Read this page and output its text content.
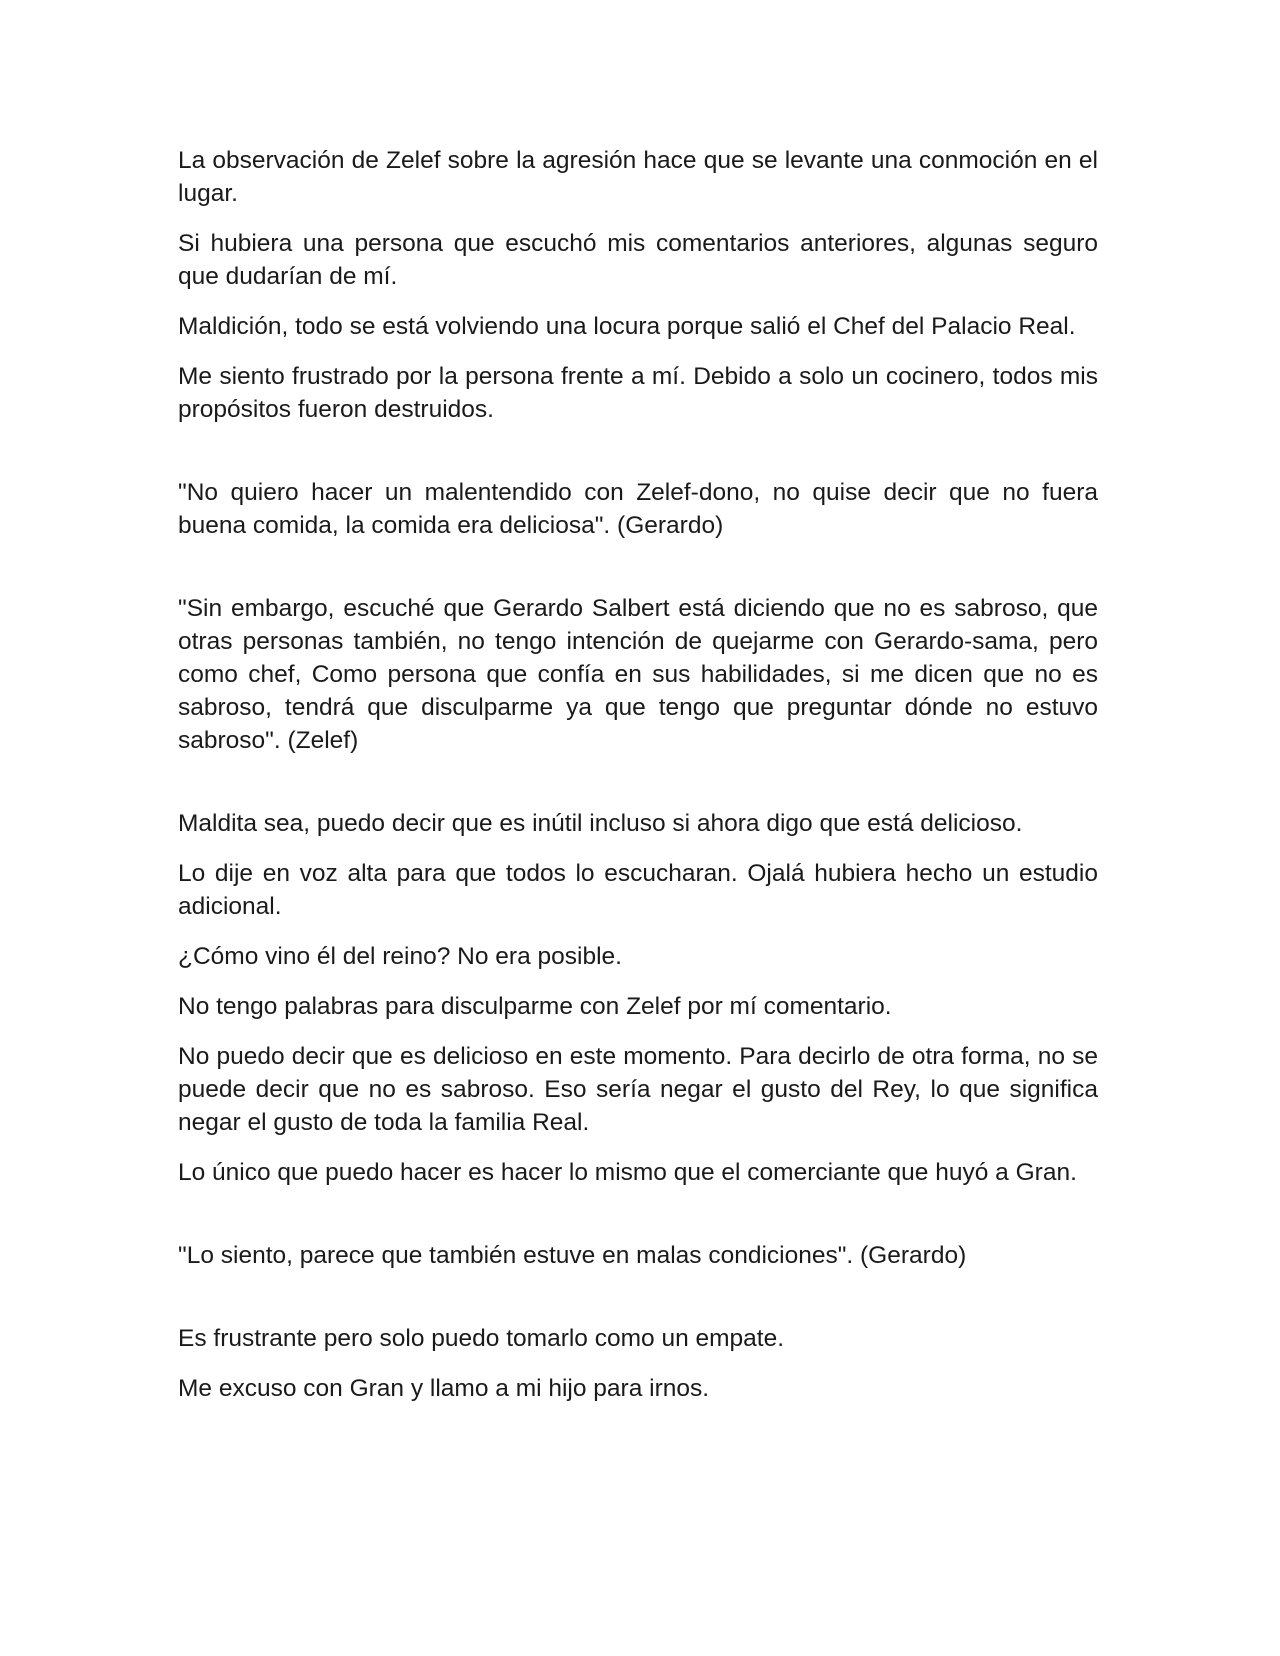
La observación de Zelef sobre la agresión hace que se levante una conmoción en el lugar.

Si hubiera una persona que escuchó mis comentarios anteriores, algunas seguro que dudarían de mí.

Maldición, todo se está volviendo una locura porque salió el Chef del Palacio Real.

Me siento frustrado por la persona frente a mí. Debido a solo un cocinero, todos mis propósitos fueron destruidos.

"No quiero hacer un malentendido con Zelef-dono, no quise decir que no fuera buena comida, la comida era deliciosa". (Gerardo)

"Sin embargo, escuché que Gerardo Salbert está diciendo que no es sabroso, que otras personas también, no tengo intención de quejarme con Gerardo-sama, pero como chef, Como persona que confía en sus habilidades, si me dicen que no es sabroso, tendrá que disculparme ya que tengo que preguntar dónde no estuvo sabroso". (Zelef)

Maldita sea, puedo decir que es inútil incluso si ahora digo que está delicioso.

Lo dije en voz alta para que todos lo escucharan. Ojalá hubiera hecho un estudio adicional.

¿Cómo vino él del reino? No era posible.

No tengo palabras para disculparme con Zelef por mí comentario.

No puedo decir que es delicioso en este momento. Para decirlo de otra forma, no se puede decir que no es sabroso. Eso sería negar el gusto del Rey, lo que significa negar el gusto de toda la familia Real.

Lo único que puedo hacer es hacer lo mismo que el comerciante que huyó a Gran.

"Lo siento, parece que también estuve en malas condiciones". (Gerardo)

Es frustrante pero solo puedo tomarlo como un empate.

Me excuso con Gran y llamo a mi hijo para irnos.
